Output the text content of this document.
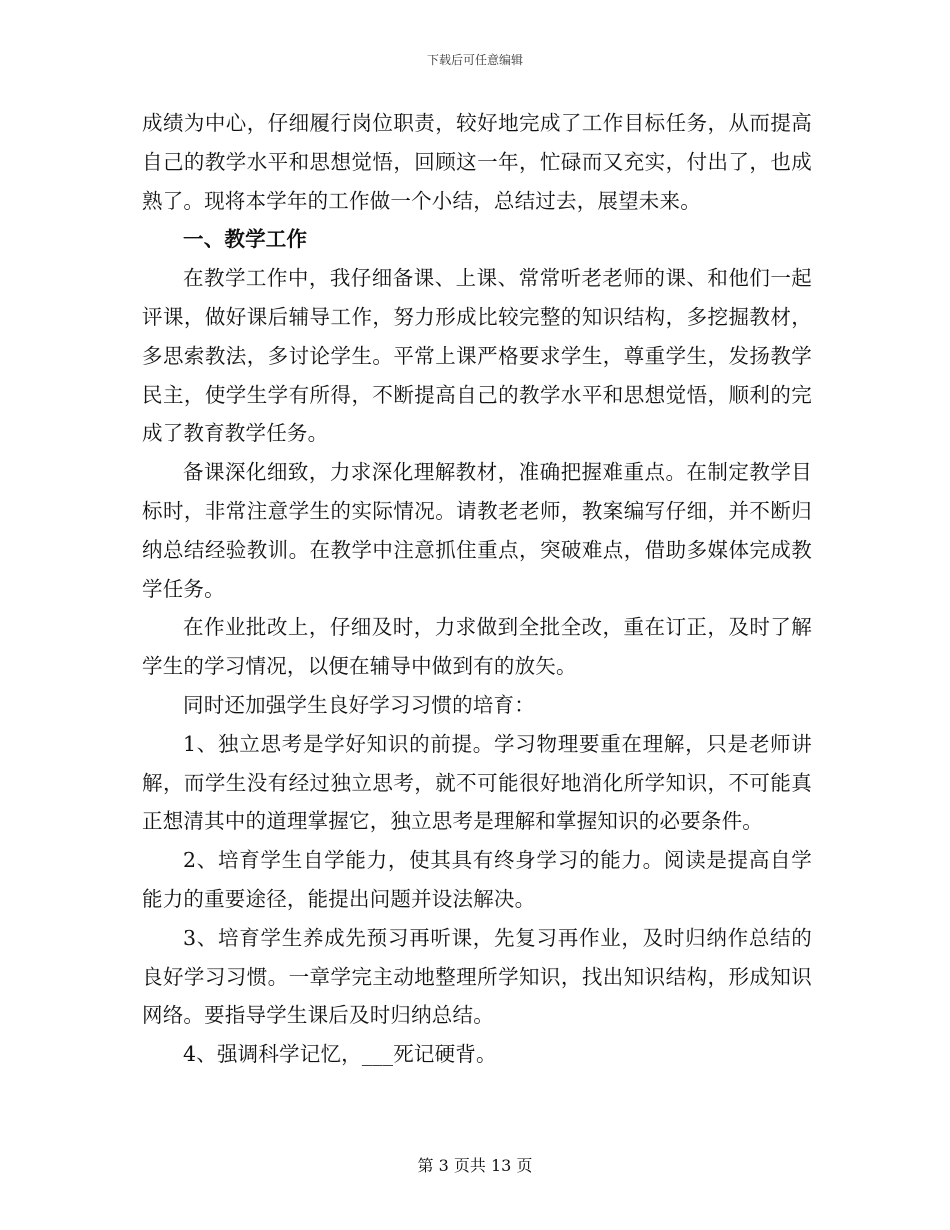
下载后可任意编辑

成绩为中心，仔细履行岗位职责，较好地完成了工作目标任务，从而提高自己的教学水平和思想觉悟，回顾这一年，忙碌而又充实，付出了，也成熟了。现将本学年的工作做一个小结，总结过去，展望未来。

一、教学工作

在教学工作中，我仔细备课、上课、常常听老老师的课、和他们一起评课，做好课后辅导工作，努力形成比较完整的知识结构，多挖掘教材，多思索教法，多讨论学生。平常上课严格要求学生，尊重学生，发扬教学民主，使学生学有所得，不断提高自己的教学水平和思想觉悟，顺利的完成了教育教学任务。

备课深化细致，力求深化理解教材，准确把握难重点。在制定教学目标时，非常注意学生的实际情况。请教老老师，教案编写仔细，并不断归纳总结经验教训。在教学中注意抓住重点，突破难点，借助多媒体完成教学任务。

在作业批改上，仔细及时，力求做到全批全改，重在订正，及时了解学生的学习情况，以便在辅导中做到有的放矢。

同时还加强学生良好学习习惯的培育：

1、独立思考是学好知识的前提。学习物理要重在理解，只是老师讲解，而学生没有经过独立思考，就不可能很好地消化所学知识，不可能真正想清其中的道理掌握它，独立思考是理解和掌握知识的必要条件。

2、培育学生自学能力，使其具有终身学习的能力。阅读是提高自学能力的重要途径，能提出问题并设法解决。

3、培育学生养成先预习再听课，先复习再作业，及时归纳作总结的良好学习习惯。一章学完主动地整理所学知识，找出知识结构，形成知识网络。要指导学生课后及时归纳总结。

4、强调科学记忆，___死记硬背。

第 3 页共 13 页
